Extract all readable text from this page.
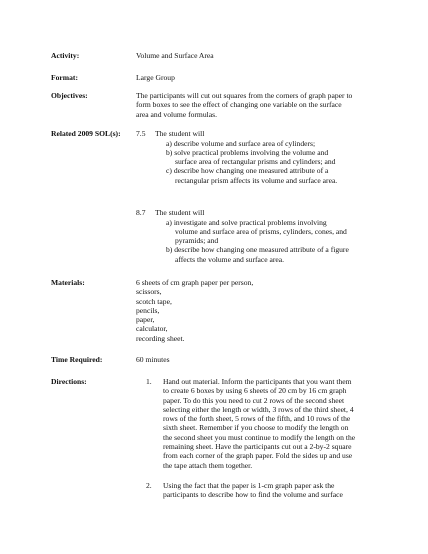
Activity:	Volume and Surface Area
Format:	Large Group
Objectives:	The participants will cut out squares from the corners of graph paper to
form boxes to see the effect of changing one variable on the surface
area and volume formulas.
Related 2009 SOL(s): 7.5 The student will
a) describe volume and surface area of cylinders;
b) solve practical problems involving the volume and
surface area of rectangular prisms and cylinders; and
c) describe how changing one measured attribute of a
rectangular prism affects its volume and surface area.
8.7 The student will
a) investigate and solve practical problems involving
volume and surface area of prisms, cylinders, cones, and
pyramids; and
b) describe how changing one measured attribute of a figure
affects the volume and surface area.
Materials:	6 sheets of cm graph paper per person,
scissors,
scotch tape,
pencils,
paper,
calculator,
recording sheet.
Time Required:	60 minutes
Directions:	1. Hand out material. Inform the participants that you want them
to create 6 boxes by using 6 sheets of 20 cm by 16 cm graph
paper. To do this you need to cut 2 rows of the second sheet
selecting either the length or width, 3 rows of the third sheet, 4
rows of the forth sheet, 5 rows of the fifth, and 10 rows of the
sixth sheet. Remember if you choose to modify the length on
the second sheet you must continue to modify the length on the
remaining sheet. Have the participants cut out a 2-by-2 square
from each corner of the graph paper. Fold the sides up and use
the tape attach them together.
2. Using the fact that the paper is 1-cm graph paper ask the
participants to describe how to find the volume and surface
